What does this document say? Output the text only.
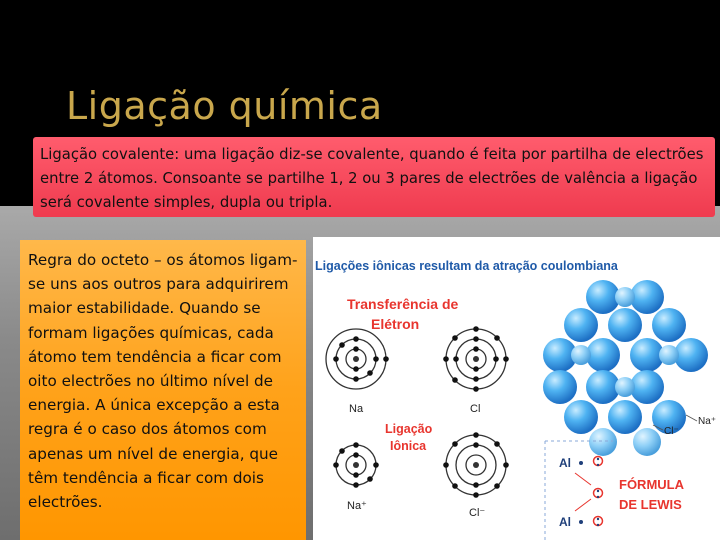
Ligação química
Ligação covalente: uma ligação diz-se covalente, quando é feita por partilha de electrões entre 2 átomos. Consoante se partilhe 1, 2 ou 3 pares de electrões de valência a ligação será covalente simples, dupla ou tripla.
Regra do octeto – os átomos ligam-se uns aos outros para adquirirem maior estabilidade. Quando se formam ligações químicas, cada átomo tem tendência a ficar com oito electrões no último nível de energia. A única excepção a esta regra é o caso dos átomos com apenas um nível de energia, que têm tendência a ficar com dois electrões.
Ligações iônicas resultam da atração coulombiana
Transferência de
Elétron
Na	Cl
Ligação
Iônica
Na⁺
Cl⁻
Na⁺
Cl⁻
Al
Al
FÓRMULA
DE LEWIS
